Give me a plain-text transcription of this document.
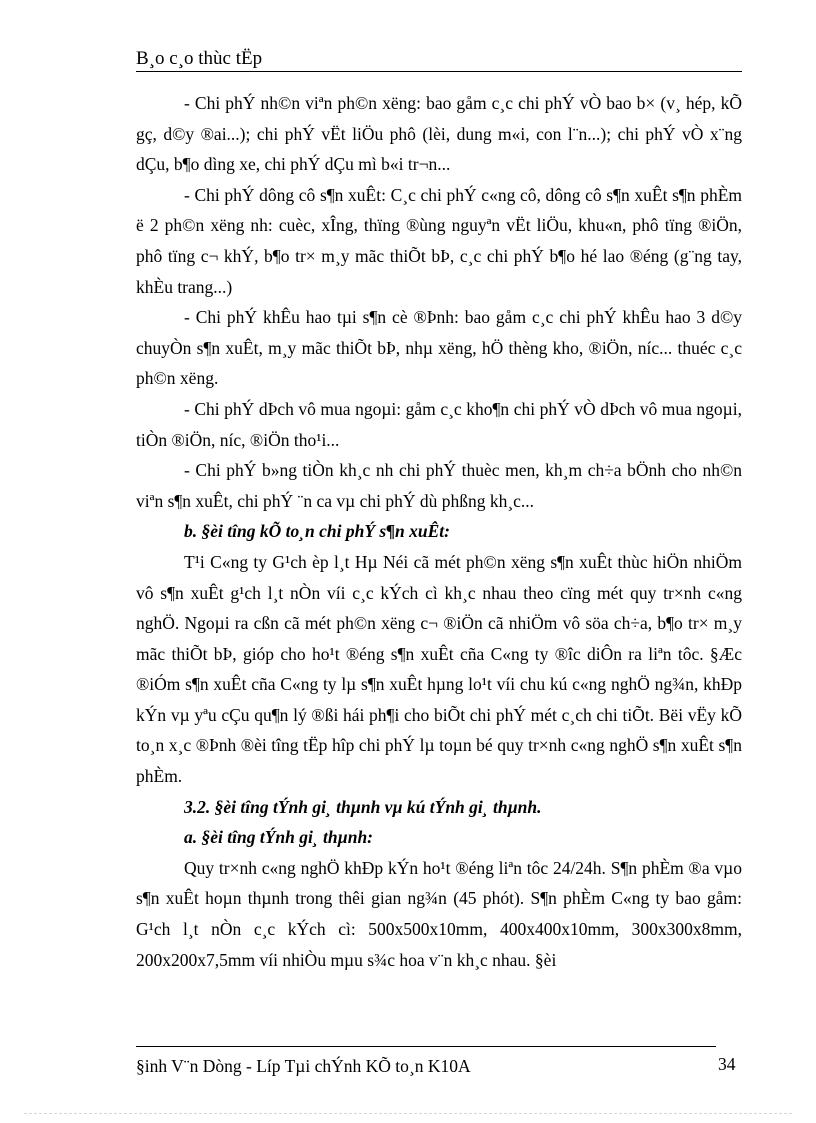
B¸o c¸o thùc tËp

- Chi phÝ nh©n viªn ph©n xëng: bao gåm c¸c chi phÝ vÒ bao b× (v¸ hép, kÕ gç, d©y ®ai...); chi phÝ vËt liÖu phô (lèi, dung m«i, con l¨n...); chi phÝ vÒ x¨ng dÇu, b¶o dìng xe, chi phÝ dÇu mì b«i tr¬n...

- Chi phÝ dông cô s¶n xuÊt: C¸c chi phÝ c«ng cô, dông cô s¶n xuÊt s¶n phÈm ë 2 ph©n xëng nh: cuèc, xÎng, thïng ®ùng nguyªn vËt liÖu, khu«n, phô tïng ®iÖn, phô tïng c¬ khÝ, b¶o tr× m¸y mãc thiÕt bÞ, c¸c chi phÝ b¶o hé lao ®éng (g¨ng tay, khÈu trang...)

- Chi phÝ khÊu hao tµi s¶n cè ®Þnh: bao gåm c¸c chi phÝ khÊu hao 3 d©y chuyÒn s¶n xuÊt, m¸y mãc thiÕt bÞ, nhµ xëng, hÖ thèng kho, ®iÖn, níc... thuéc c¸c ph©n xëng.

- Chi phÝ dÞch vô mua ngoµi: gåm c¸c kho¶n chi phÝ vÒ dÞch vô mua ngoµi, tiÒn ®iÖn, níc, ®iÖn tho¹i...

- Chi phÝ b»ng tiÒn kh¸c nh chi phÝ thuèc men, kh¸m ch÷a bÖnh cho nh©n viªn s¶n xuÊt, chi phÝ ¨n ca vµ chi phÝ dù phßng kh¸c...

b. §èi tîng kÕ to¸n chi phÝ s¶n xuÊt:

T¹i C«ng ty G¹ch èp l¸t Hµ Néi cã mét ph©n xëng s¶n xuÊt thùc hiÖn nhiÖm vô s¶n xuÊt g¹ch l¸t nÒn víi c¸c kÝch cì kh¸c nhau theo cïng mét quy tr×nh c«ng nghÖ. Ngoµi ra cßn cã mét ph©n xëng c¬ ®iÖn cã nhiÖm vô söa ch÷a, b¶o tr× m¸y mãc thiÕt bÞ, gióp cho ho¹t ®éng s¶n xuÊt cña C«ng ty ®îc diÔn ra liªn tôc. §Æc ®iÓm s¶n xuÊt cña C«ng ty lµ s¶n xuÊt hµng lo¹t víi chu kú c«ng nghÖ ng¾n, khÐp kÝn vµ yªu cÇu qu¶n lý ®ßi hái ph¶i cho biÕt chi phÝ mét c¸ch chi tiÕt. Bëi vËy kÕ to¸n x¸c ®Þnh ®èi tîng tËp hîp chi phÝ lµ toµn bé quy tr×nh c«ng nghÖ s¶n xuÊt s¶n phÈm.

3.2. §èi tîng tÝnh gi¸ thµnh vµ kú tÝnh gi¸ thµnh.

a. §èi tîng tÝnh gi¸ thµnh:

Quy tr×nh c«ng nghÖ khÐp kÝn ho¹t ®éng liªn tôc 24/24h. S¶n phÈm ®a vµo s¶n xuÊt hoµn thµnh trong thêi gian ng¾n (45 phót). S¶n phÈm C«ng ty bao gåm: G¹ch l¸t nÒn c¸c kÝch cì: 500x500x10mm, 400x400x10mm, 300x300x8mm, 200x200x7,5mm víi nhiÒu mµu s¾c hoa v¨n kh¸c nhau. §èi

§inh V¨n Dòng - Líp Tµi chÝnh KÕ to¸n K10A	34
